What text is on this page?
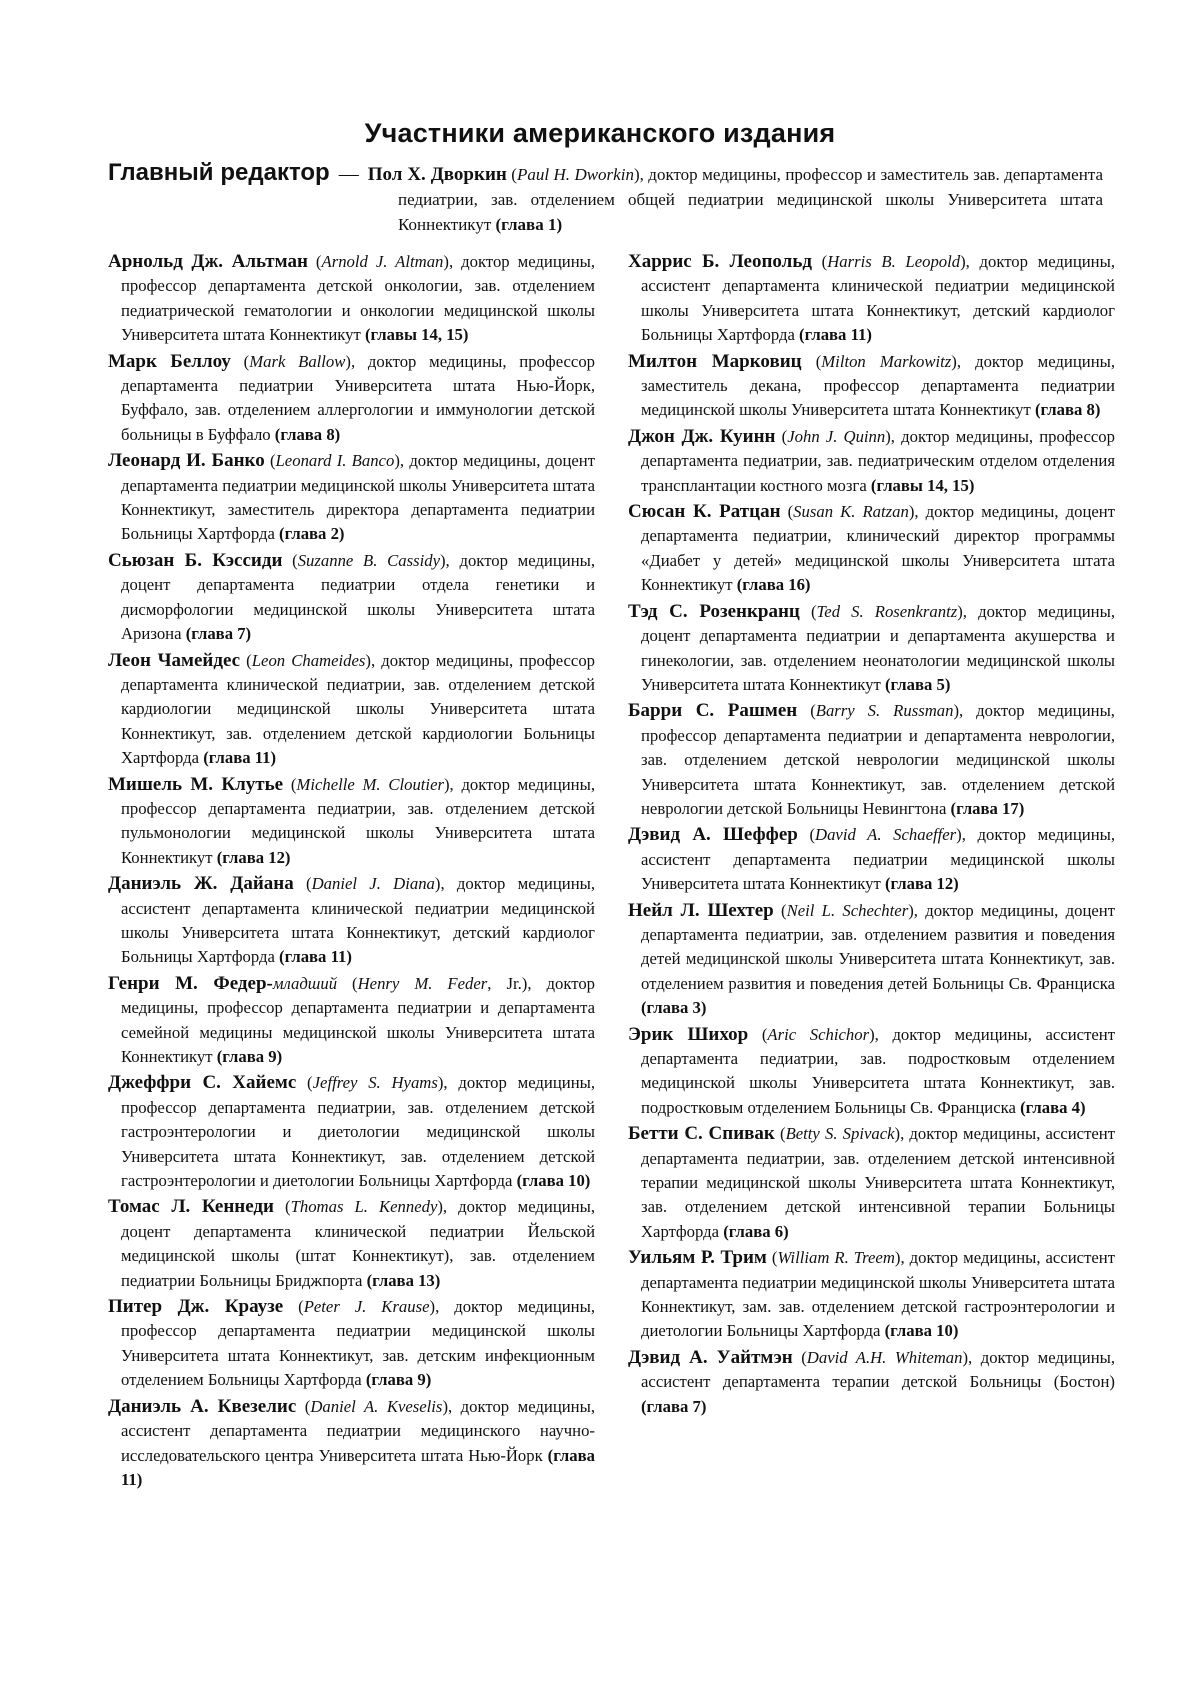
Участники американского издания
Главный редактор — Пол Х. Дворкин (Paul H. Dworkin), доктор медицины, профессор и заместитель зав. департамента педиатрии, зав. отделением общей педиатрии медицинской школы Университета штата Коннектикут (глава 1)
Арнольд Дж. Альтман (Arnold J. Altman), доктор медицины, профессор департамента детской онкологии, зав. отделением педиатрической гематологии и онкологии медицинской школы Университета штата Коннектикут (главы 14, 15)
Марк Беллоу (Mark Ballow), доктор медицины, профессор департамента педиатрии Университета штата Нью-Йорк, Буффало, зав. отделением аллергологии и иммунологии детской больницы в Буффало (глава 8)
Леонард И. Банко (Leonard I. Banco), доктор медицины, доцент департамента педиатрии медицинской школы Университета штата Коннектикут, заместитель директора департамента педиатрии Больницы Хартфорда (глава 2)
Сьюзан Б. Кэссиди (Suzanne B. Cassidy), доктор медицины, доцент департамента педиатрии отдела генетики и дисморфологии медицинской школы Университета штата Аризона (глава 7)
Леон Чамейдес (Leon Chameides), доктор медицины, профессор департамента клинической педиатрии, зав. отделением детской кардиологии медицинской школы Университета штата Коннектикут, зав. отделением детской кардиологии Больницы Хартфорда (глава 11)
Мишель М. Клутье (Michelle M. Cloutier), доктор медицины, профессор департамента педиатрии, зав. отделением детской пульмонологии медицинской школы Университета штата Коннектикут (глава 12)
Даниэль Ж. Дайана (Daniel J. Diana), доктор медицины, ассистент департамента клинической педиатрии медицинской школы Университета штата Коннектикут, детский кардиолог Больницы Хартфорда (глава 11)
Генри М. Федер-младший (Henry M. Feder, Jr.), доктор медицины, профессор департамента педиатрии и департамента семейной медицины медицинской школы Университета штата Коннектикут (глава 9)
Джеффри С. Хайемс (Jeffrey S. Hyams), доктор медицины, профессор департамента педиатрии, зав. отделением детской гастроэнтерологии и диетологии медицинской школы Университета штата Коннектикут, зав. отделением детской гастроэнтерологии и диетологии Больницы Хартфорда (глава 10)
Томас Л. Кеннеди (Thomas L. Kennedy), доктор медицины, доцент департамента клинической педиатрии Йельской медицинской школы (штат Коннектикут), зав. отделением педиатрии Больницы Бриджпорта (глава 13)
Питер Дж. Краузе (Peter J. Krause), доктор медицины, профессор департамента педиатрии медицинской школы Университета штата Коннектикут, зав. детским инфекционным отделением Больницы Хартфорда (глава 9)
Даниэль А. Квезелис (Daniel A. Kveselis), доктор медицины, ассистент департамента педиатрии медицинского научно-исследовательского центра Университета штата Нью-Йорк (глава 11)
Харрис Б. Леопольд (Harris B. Leopold), доктор медицины, ассистент департамента клинической педиатрии медицинской школы Университета штата Коннектикут, детский кардиолог Больницы Хартфорда (глава 11)
Милтон Марковиц (Milton Markowitz), доктор медицины, заместитель декана, профессор департамента педиатрии медицинской школы Университета штата Коннектикут (глава 8)
Джон Дж. Куинн (John J. Quinn), доктор медицины, профессор департамента педиатрии, зав. педиатрическим отделом отделения трансплантации костного мозга (главы 14, 15)
Сюсан К. Ратцан (Susan K. Ratzan), доктор медицины, доцент департамента педиатрии, клинический директор программы «Диабет у детей» медицинской школы Университета штата Коннектикут (глава 16)
Тэд С. Розенкранц (Ted S. Rosenkrantz), доктор медицины, доцент департамента педиатрии и департамента акушерства и гинекологии, зав. отделением неонатологии медицинской школы Университета штата Коннектикут (глава 5)
Барри С. Рашмен (Barry S. Russman), доктор медицины, профессор департамента педиатрии и департамента неврологии, зав. отделением детской неврологии медицинской школы Университета штата Коннектикут, зав. отделением детской неврологии детской Больницы Невингтона (глава 17)
Дэвид А. Шеффер (David A. Schaeffer), доктор медицины, ассистент департамента педиатрии медицинской школы Университета штата Коннектикут (глава 12)
Нейл Л. Шехтер (Neil L. Schechter), доктор медицины, доцент департамента педиатрии, зав. отделением развития и поведения детей медицинской школы Университета штата Коннектикут, зав. отделением развития и поведения детей Больницы Св. Франциска (глава 3)
Эрик Шихор (Aric Schichor), доктор медицины, ассистент департамента педиатрии, зав. подростковым отделением медицинской школы Университета штата Коннектикут, зав. подростковым отделением Больницы Св. Франциска (глава 4)
Бетти С. Спивак (Betty S. Spivack), доктор медицины, ассистент департамента педиатрии, зав. отделением детской интенсивной терапии медицинской школы Университета штата Коннектикут, зав. отделением детской интенсивной терапии Больницы Хартфорда (глава 6)
Уильям Р. Трим (William R. Treem), доктор медицины, ассистент департамента педиатрии медицинской школы Университета штата Коннектикут, зам. зав. отделением детской гастроэнтерологии и диетологии Больницы Хартфорда (глава 10)
Дэвид А. Уайтмэн (David A.H. Whiteman), доктор медицины, ассистент департамента терапии детской Больницы (Бостон) (глава 7)
